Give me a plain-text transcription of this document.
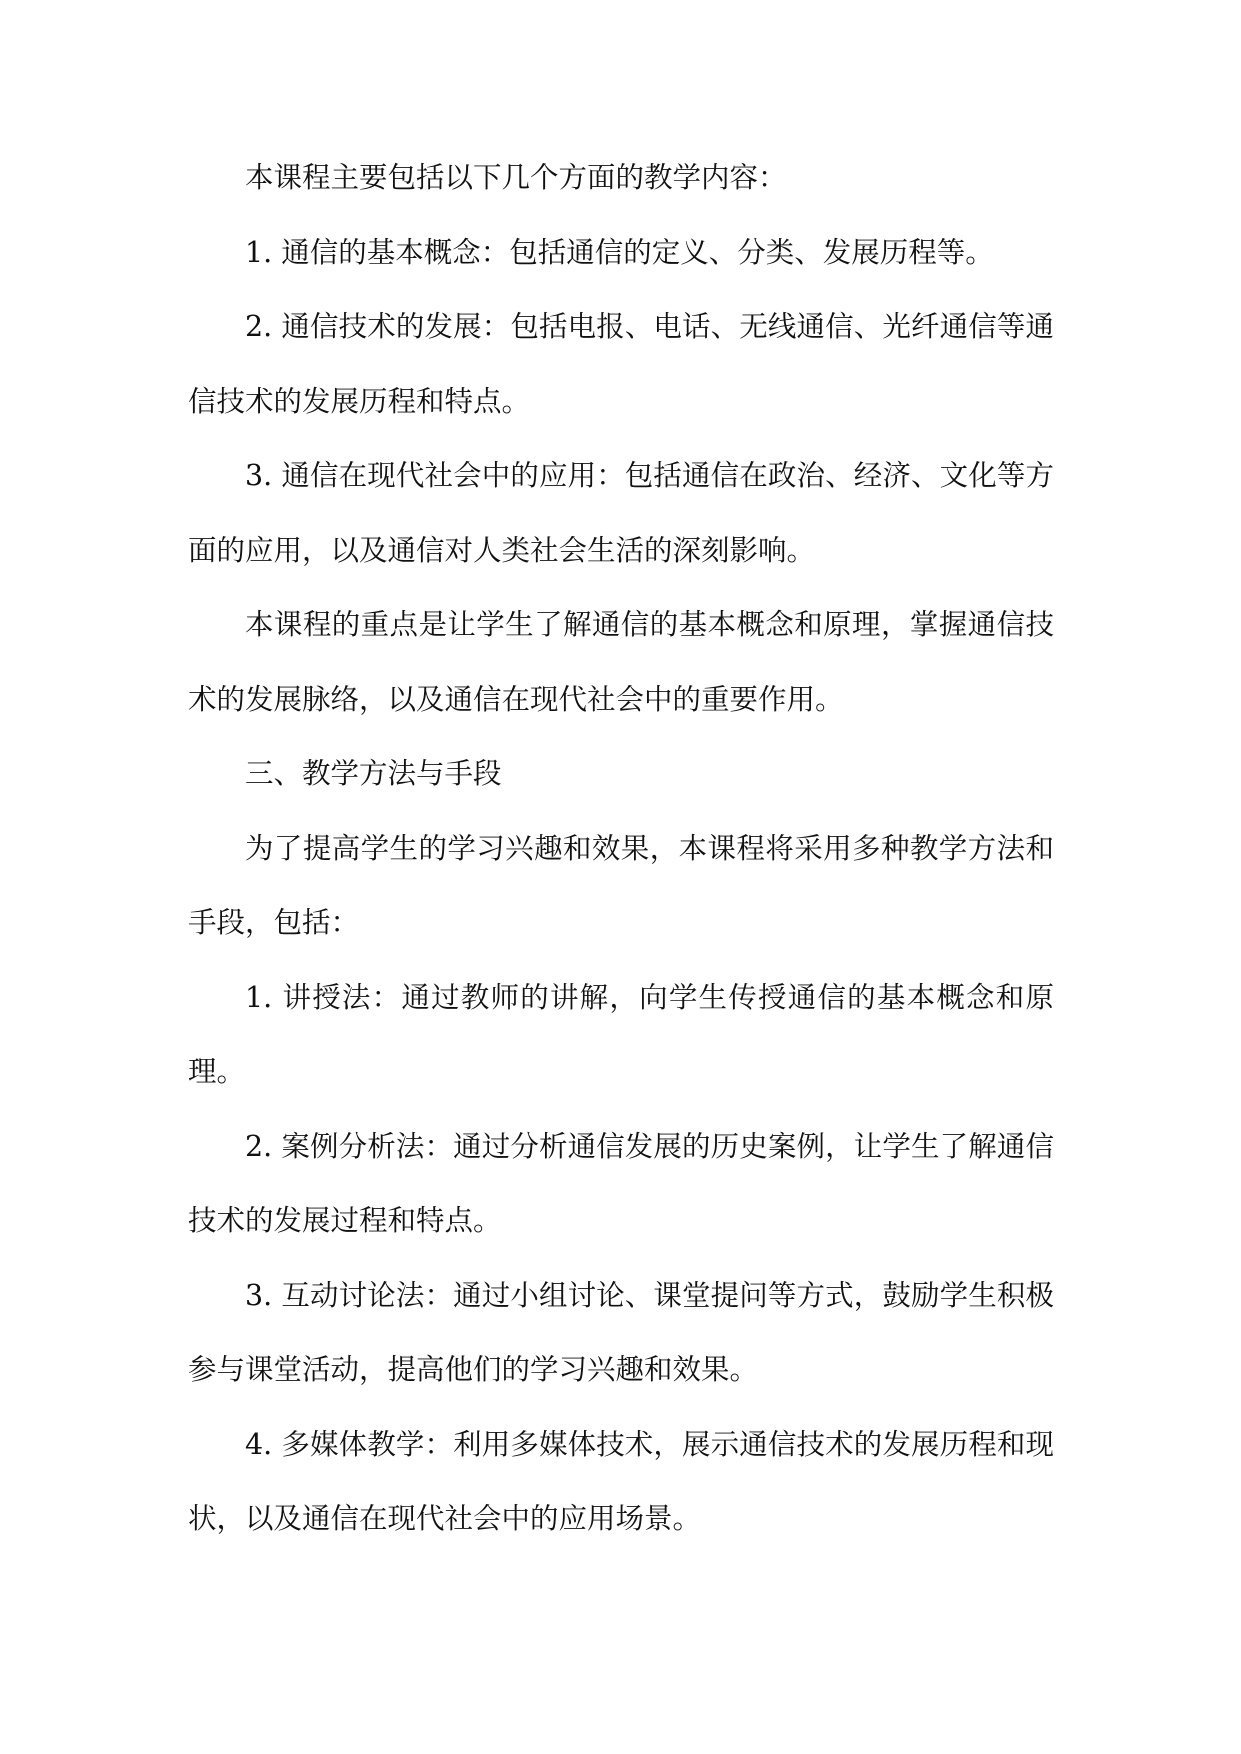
本课程主要包括以下几个方面的教学内容：

1. 通信的基本概念：包括通信的定义、分类、发展历程等。

2. 通信技术的发展：包括电报、电话、无线通信、光纤通信等通信技术的发展历程和特点。

3. 通信在现代社会中的应用：包括通信在政治、经济、文化等方面的应用，以及通信对人类社会生活的深刻影响。

本课程的重点是让学生了解通信的基本概念和原理，掌握通信技术的发展脉络，以及通信在现代社会中的重要作用。

三、教学方法与手段

为了提高学生的学习兴趣和效果，本课程将采用多种教学方法和手段，包括：

1. 讲授法：通过教师的讲解，向学生传授通信的基本概念和原理。

2. 案例分析法：通过分析通信发展的历史案例，让学生了解通信技术的发展过程和特点。

3. 互动讨论法：通过小组讨论、课堂提问等方式，鼓励学生积极参与课堂活动，提高他们的学习兴趣和效果。

4. 多媒体教学：利用多媒体技术，展示通信技术的发展历程和现状，以及通信在现代社会中的应用场景。
